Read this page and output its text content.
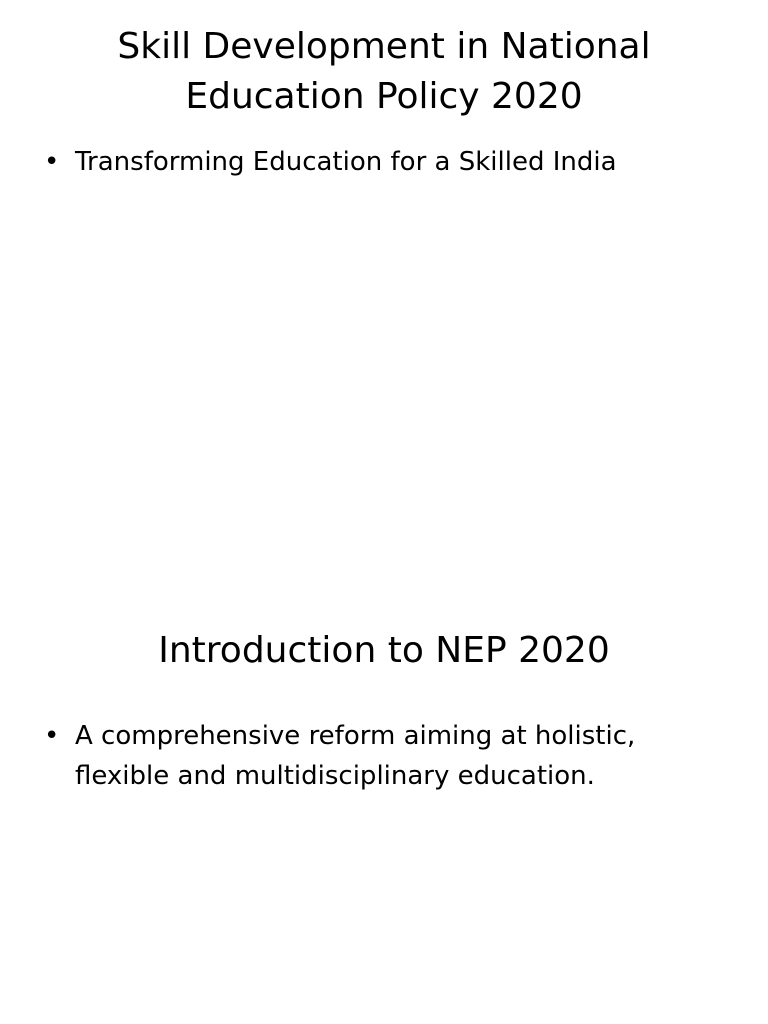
Skill Development in National Education Policy 2020
• Transforming Education for a Skilled India
Introduction to NEP 2020
• A comprehensive reform aiming at holistic, flexible and multidisciplinary education.
